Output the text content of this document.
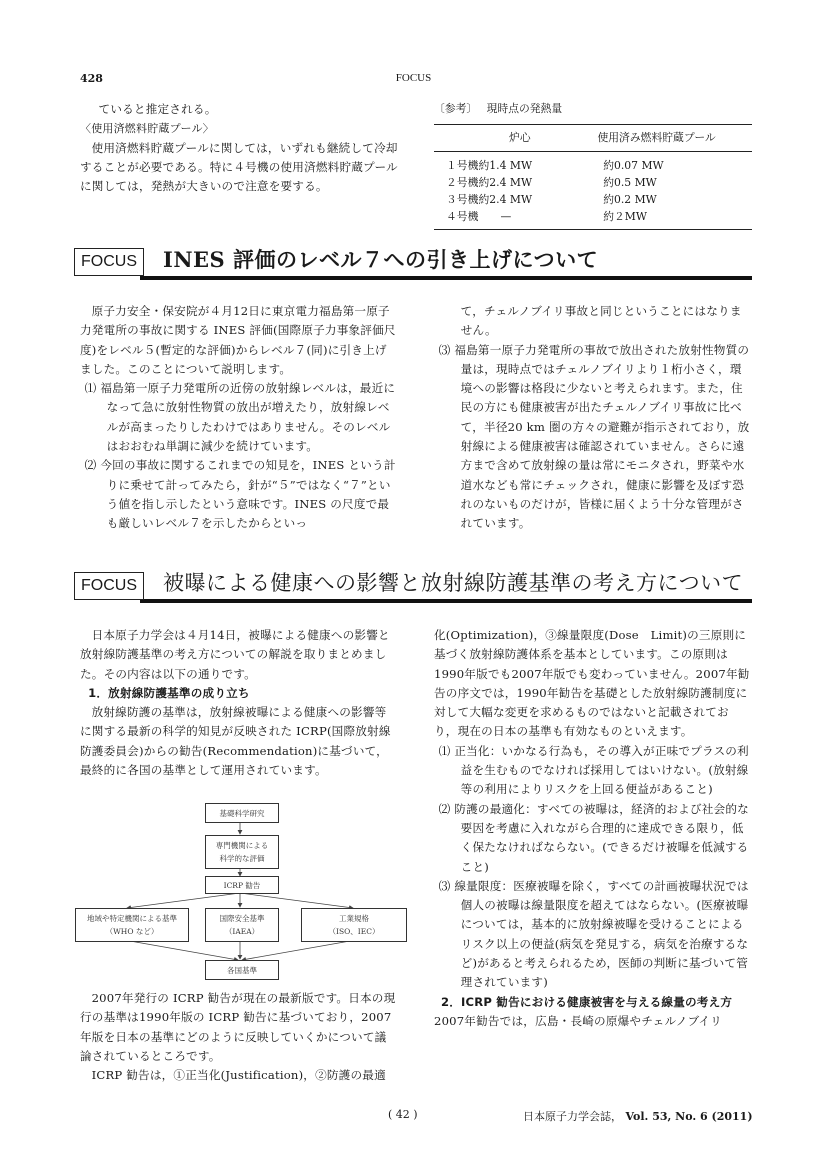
428	FOCUS

ていると推定される。

〈使用済燃料貯蔵プール〉

使用済燃料貯蔵プールに関しては，いずれも継続して冷却することが必要である。特に４号機の使用済燃料貯蔵プールに関しては，発熱が大きいので注意を要する。

〔参考〕 現時点の発熱量
	炉心	使用済み燃料貯蔵プール
１号機	約1.4 MW	約0.07 MW
２号機	約2.4 MW	約0.5 MW
３号機	約2.4 MW	約0.2 MW
４号機	—	約２MW
FOCUS	INES 評価のレベル７への引き上げについて

原子力安全・保安院が４月12日に東京電力福島第一原子力発電所の事故に関する INES 評価(国際原子力事象評価尺度)をレベル５(暫定的な評価)からレベル７(同)に引き上げました。このことについて説明します。

⑴ 福島第一原子力発電所の近傍の放射線レベルは，最近になって急に放射性物質の放出が増えたり，放射線レベルが高まったりしたわけではありません。そのレベルはおおむね単調に減少を続けています。

⑵ 今回の事故に関するこれまでの知見を，INES という計りに乗せて計ってみたら，針が“５”ではなく“７”という値を指し示したという意味です。INES の尺度で最も厳しいレベル７を示したからといっ

て，チェルノブイリ事故と同じということにはなりません。

⑶ 福島第一原子力発電所の事故で放出された放射性物質の量は，現時点ではチェルノブイリより１桁小さく，環境への影響は格段に少ないと考えられます。また，住民の方にも健康被害が出たチェルノブイリ事故に比べて，半径20 km 圏の方々の避難が指示されており，放射線による健康被害は確認されていません。さらに遠方まで含めて放射線の量は常にモニタされ，野菜や水道水なども常にチェックされ，健康に影響を及ぼす恐れのないものだけが，皆様に届くよう十分な管理がされています。

FOCUS	被曝による健康への影響と放射線防護基準の考え方について

日本原子力学会は４月14日，被曝による健康への影響と放射線防護基準の考え方についての解説を取りまとめました。その内容は以下の通りです。

1．放射線防護基準の成り立ち

放射線防護の基準は，放射線被曝による健康への影響等に関する最新の科学的知見が反映された ICRP(国際放射線防護委員会)からの勧告(Recommendation)に基づいて，最終的に各国の基準として運用されています。

基礎科学研究
専門機関による
科学的な評価
ICRP 勧告
地域や特定機関による基準
（WHO など）
国際安全基準
（IAEA）
工業規格
（ISO、IEC）
各国基準

2007年発行の ICRP 勧告が現在の最新版です。日本の現行の基準は1990年版の ICRP 勧告に基づいており，2007年版を日本の基準にどのように反映していくかについて議論されているところです。

ICRP 勧告は，①正当化(Justification)，②防護の最適

化(Optimization)，③線量限度(Dose　Limit)の三原則に基づく放射線防護体系を基本としています。この原則は1990年版でも2007年版でも変わっていません。2007年勧告の序文では，1990年勧告を基礎とした放射線防護制度に対して大幅な変更を求めるものではないと記載されており，現在の日本の基準も有効なものといえます。

⑴ 正当化：いかなる行為も，その導入が正味でプラスの利益を生むものでなければ採用してはいけない。(放射線等の利用によりリスクを上回る便益があること)

⑵ 防護の最適化：すべての被曝は，経済的および社会的な要因を考慮に入れながら合理的に達成できる限り，低く保たなければならない。(できるだけ被曝を低減すること)

⑶ 線量限度：医療被曝を除く，すべての計画被曝状況では個人の被曝は線量限度を超えてはならない。(医療被曝については，基本的に放射線被曝を受けることによるリスク以上の便益(病気を発見する，病気を治療するなど)があると考えられるため，医師の判断に基づいて管理されています)

2．ICRP 勧告における健康被害を与える線量の考え方

2007年勧告では，広島・長崎の原爆やチェルノブイリ

( 42 )	日本原子力学会誌， Vol. 53, No. 6 (2011)
